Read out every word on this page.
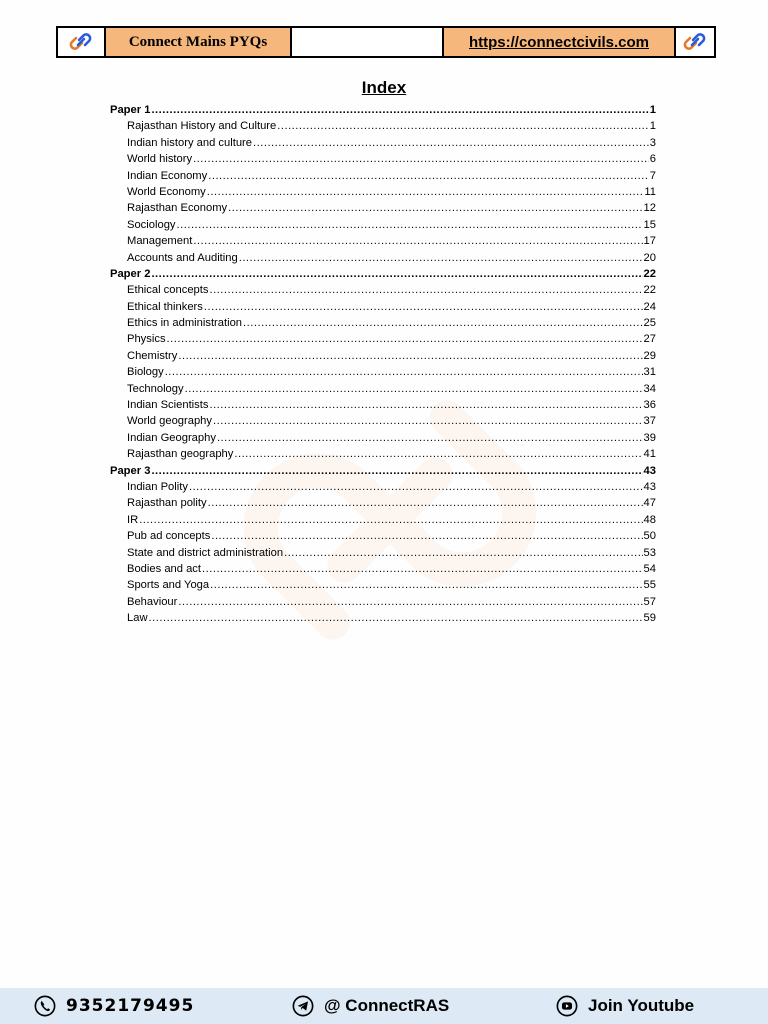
Connect Mains PYQs	https://connectcivils.com
Index
Paper 1 .....	1
Rajasthan History and Culture .....	1
Indian history and culture .....	3
World history .....	6
Indian Economy .....	7
World Economy .....	11
Rajasthan Economy .....	12
Sociology .....	15
Management .....	17
Accounts and Auditing .....	20
Paper 2 .....	22
Ethical concepts .....	22
Ethical thinkers .....	24
Ethics in administration .....	25
Physics .....	27
Chemistry .....	29
Biology .....	31
Technology .....	34
Indian Scientists .....	36
World geography .....	37
Indian Geography .....	39
Rajasthan geography .....	41
Paper 3 .....	43
Indian Polity .....	43
Rajasthan polity .....	47
IR .....	48
Pub ad concepts .....	50
State and district administration .....	53
Bodies and act .....	54
Sports and Yoga .....	55
Behaviour .....	57
Law .....	59
9352179495	@ ConnectRAS	Join Youtube
